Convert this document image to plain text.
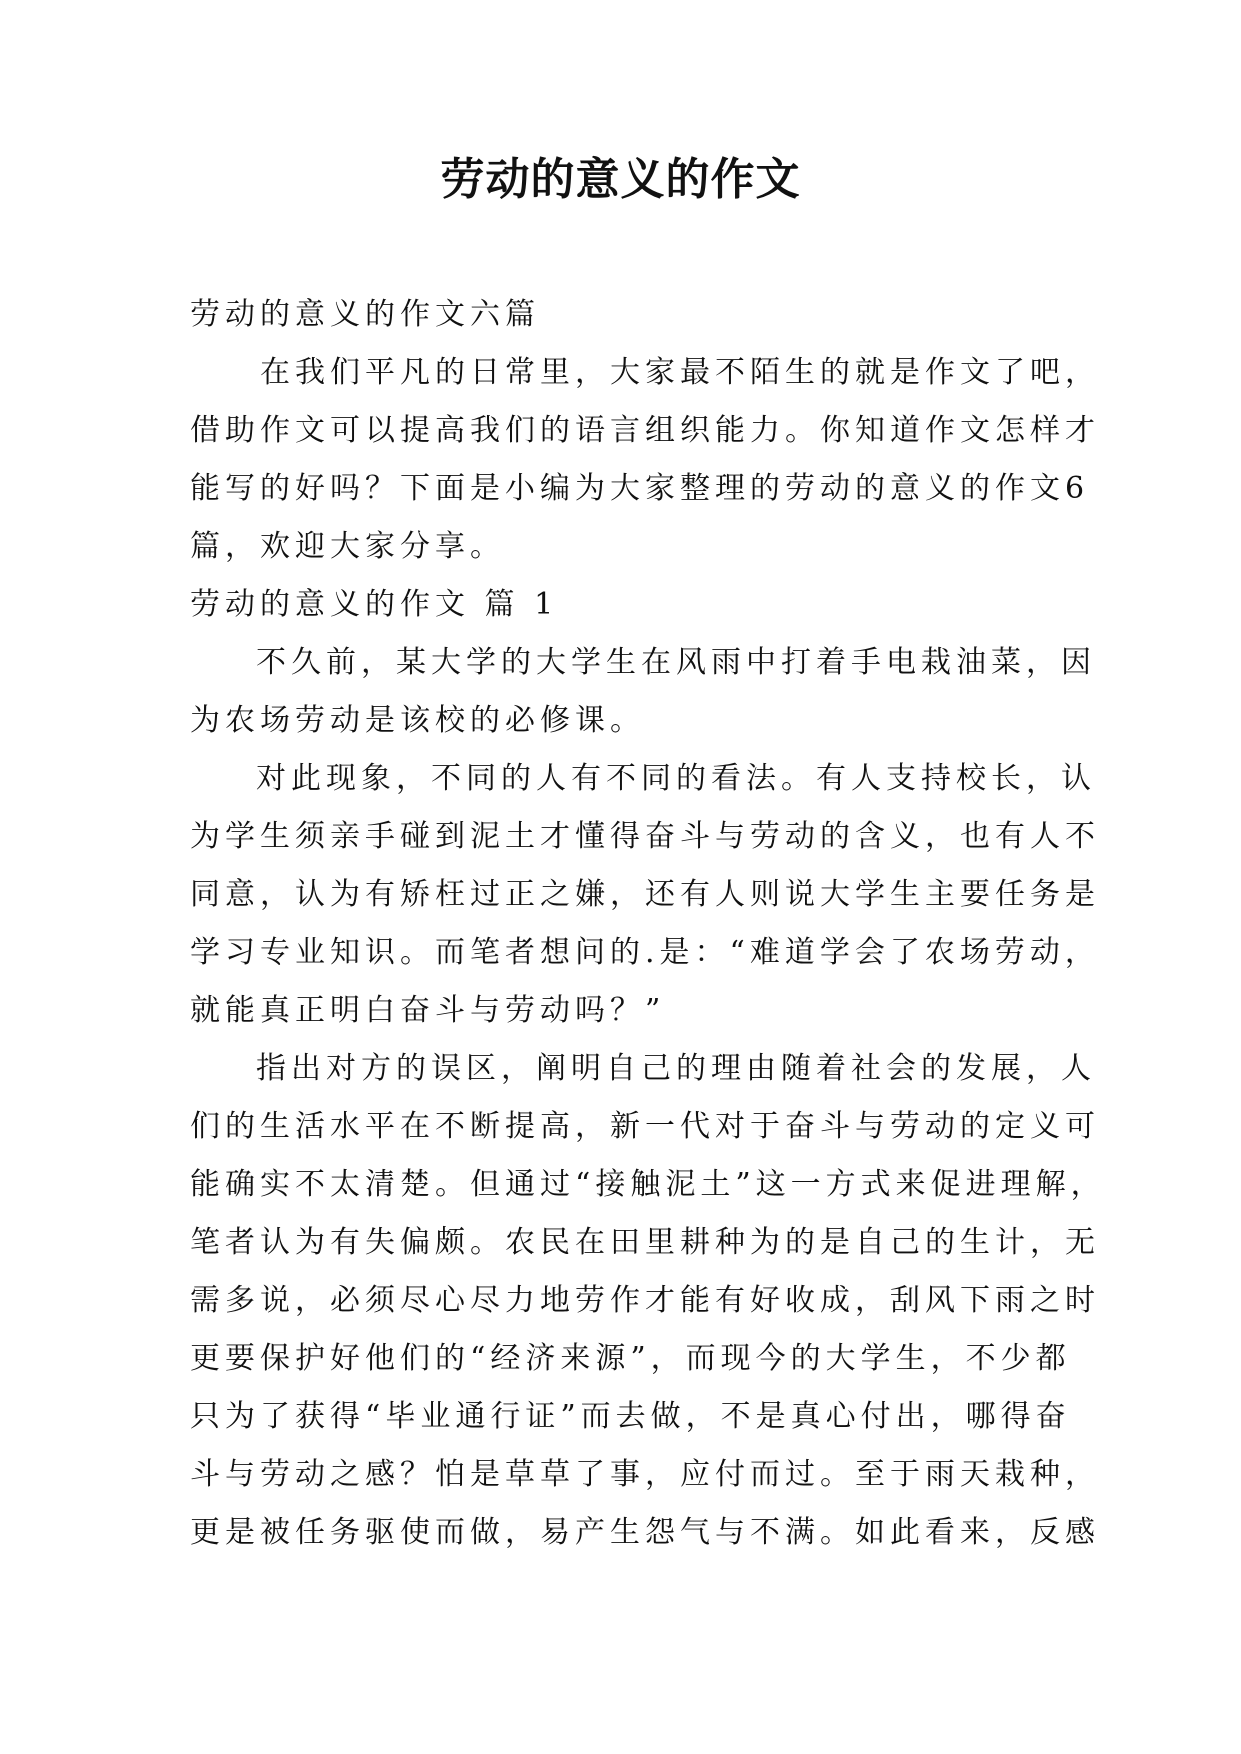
劳动的意义的作文
劳动的意义的作文六篇
在我们平凡的日常里，大家最不陌生的就是作文了吧，
借助作文可以提高我们的语言组织能力。你知道作文怎样才
能写的好吗？下面是小编为大家整理的劳动的意义的作文6
篇，欢迎大家分享。
劳动的意义的作文 篇 1
不久前，某大学的大学生在风雨中打着手电栽油菜，因
为农场劳动是该校的必修课。
对此现象，不同的人有不同的看法。有人支持校长，认
为学生须亲手碰到泥土才懂得奋斗与劳动的含义，也有人不
同意，认为有矫枉过正之嫌，还有人则说大学生主要任务是
学习专业知识。而笔者想问的.是：“难道学会了农场劳动，
就能真正明白奋斗与劳动吗？”
指出对方的误区，阐明自己的理由随着社会的发展，人
们的生活水平在不断提高，新一代对于奋斗与劳动的定义可
能确实不太清楚。但通过“接触泥土”这一方式来促进理解，
笔者认为有失偏颇。农民在田里耕种为的是自己的生计，无
需多说，必须尽心尽力地劳作才能有好收成，刮风下雨之时
更要保护好他们的“经济来源”，而现今的大学生，不少都
只为了获得“毕业通行证”而去做，不是真心付出，哪得奋
斗与劳动之感？怕是草草了事，应付而过。至于雨天栽种，
更是被任务驱使而做，易产生怨气与不满。如此看来，反感
